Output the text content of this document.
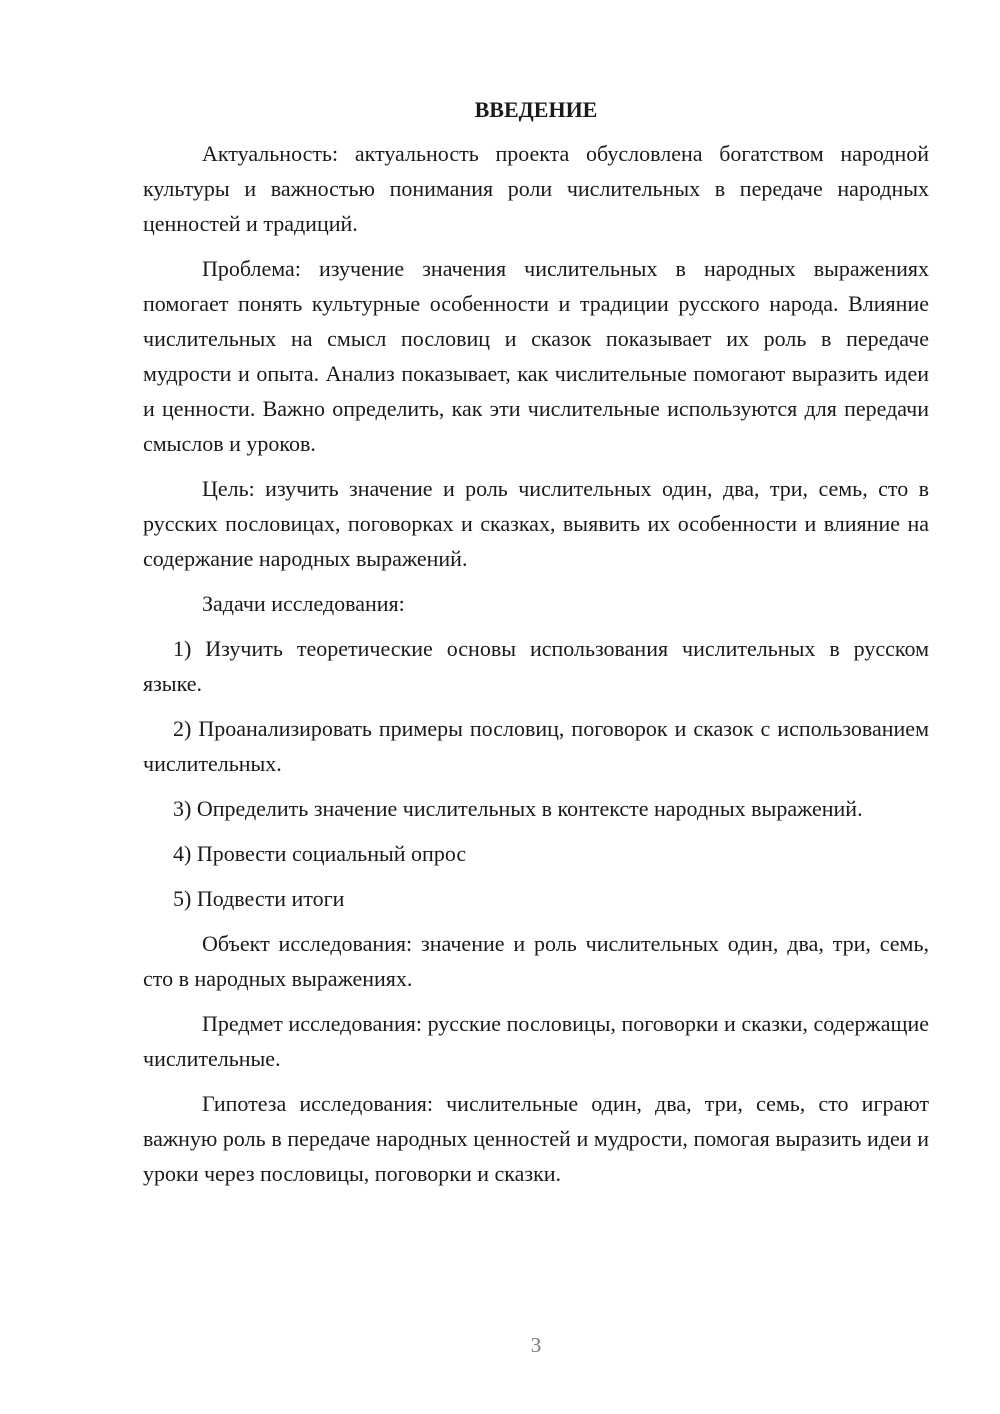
ВВЕДЕНИЕ

Актуальность: актуальность проекта обусловлена богатством народной культуры и важностью понимания роли числительных в передаче народных ценностей и традиций.

Проблема: изучение значения числительных в народных выражениях помогает понять культурные особенности и традиции русского народа. Влияние числительных на смысл пословиц и сказок показывает их роль в передаче мудрости и опыта. Анализ показывает, как числительные помогают выразить идеи и ценности. Важно определить, как эти числительные используются для передачи смыслов и уроков.

Цель: изучить значение и роль числительных один, два, три, семь, сто в русских пословицах, поговорках и сказках, выявить их особенности и влияние на содержание народных выражений.

Задачи исследования:

1) Изучить теоретические основы использования числительных в русском языке.

2) Проанализировать примеры пословиц, поговорок и сказок с использованием числительных.

3) Определить значение числительных в контексте народных выражений.

4) Провести социальный опрос

5) Подвести итоги

Объект исследования: значение и роль числительных один, два, три, семь, сто в народных выражениях.

Предмет исследования: русские пословицы, поговорки и сказки, содержащие числительные.

Гипотеза исследования: числительные один, два, три, семь, сто играют важную роль в передаче народных ценностей и мудрости, помогая выразить идеи и уроки через пословицы, поговорки и сказки.

3
